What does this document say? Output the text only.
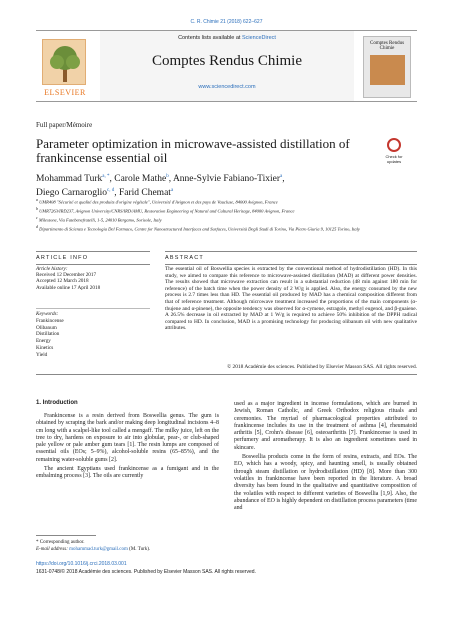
C. R. Chimie 21 (2018) 622–627
ELSEVIER
Contents lists available at ScienceDirect
Comptes Rendus Chimie
www.sciencedirect.com
Comptes Rendus Chimie
Full paper/Mémoire
Parameter optimization in microwave-assisted distillation of frankincense essential oil	Check for updates
Mohammad Turk$^{a, *}$, Carole Mathe$^b$, Anne-Sylvie Fabiano-Tixier$^a$,
Diego Carnaroglio$^{c, d}$, Farid Chemat$^a$
$^a$ UMR408 "Sécurité et qualité des produits d'origine végétale", Université d'Avignon et des pays de Vaucluse, 84000 Avignon, France
$^b$ UMR7263/IRD237, Avignon University/CNRS/IRD/AMU, Restoration Engineering of Natural and Cultural Heritage, 84000 Avignon, France
$^c$ Milestone, Via Fatebenefratelli, 1-5, 24010 Bergamo, Sorisole, Italy
$^d$ Dipartimento di Scienza e Tecnologia Del Farmaco, Centre for Nanostructured Interfaces and Surfaces, Università Degli Studi di Torino, Via Pietro Giuria 9, 10125 Torino, Italy
ARTICLE INFO	ABSTRACT
Article history:
Received 12 December 2017
Accepted 12 March 2018
Available online 17 April 2018
Keywords:
Frankincense
Olibanum
Distillation
Energy
Kinetics
Yield
The essential oil of Boswellia species is extracted by the conventional method of hydrodistillation (HD). In this study, we aimed to compare this reference to microwave-assisted distillation (MAD) at different power densities. The results showed that microwave extraction can result in a substantial reduction (48 min against 180 min for reference) of the batch time when the power density of 2 W/g is applied. Also, the energy consumed by the new process is 2.7 times less than HD. The essential oil produced by MAD has a chemical composition different from that of reference treatment. Although microwave treatment increased the proportions of the main components (α-thujene and α-pinene), the opposite tendency was observed for α-cymene, estragole, methyl eugenol, and β-guaiene. A 26.5% decrease in oil extracted by MAD at 1 W/g is required to achieve 50% inhibition of the DPPH radical compared to HD. In conclusion, MAD is a promising technology for producing olibanum oil with new qualitative attributes.
© 2018 Académie des sciences. Published by Elsevier Masson SAS. All rights reserved.
1. Introduction

Frankincense is a resin derived from Boswellia genus. The gum is obtained by scraping the bark and/or making deep longitudinal incisions 4–8 cm long with a scalpel-like tool called a mengaff. The milky juice, left on the tree to dry, hardens on exposure to air into globular, pear-, or club-shaped pale yellow or pale amber gum tears [1]. The resin lumps are composed of essential oils (EOs; 5–9%), alcohol-soluble resins (65–85%), and the remaining water-soluble gums [2].

The ancient Egyptians used frankincense as a fumigant and in the embalming process [3]. The oils are currently

used as a major ingredient in incense formulations, which are burned in Jewish, Roman Catholic, and Greek Orthodox religious rituals and ceremonies. The myriad of pharmacological properties attributed to frankincense includes its use in the treatment of asthma [4], rheumatoid arthritis [5], Crohn's disease [6], osteoarthritis [7]. Frankincense is used in perfumery and aromatherapy. It is also an ingredient sometimes used in skincare.

Boswellia products come in the form of resins, extracts, and EOs. The EO, which has a woody, spicy, and haunting smell, is usually obtained through steam distillation or hydrodistillation (HD) [8]. More than 300 volatiles in frankincense have been reported in the literature. A broad diversity has been found in the qualitative and quantitative composition of the volatiles with respect to different varieties of Boswellia [1,9]. Also, the abundance of EO is highly dependent on distillation process parameters (time and

* Corresponding author.
E-mail address: mohammad.turk@gmail.com (M. Turk).
https://doi.org/10.1016/j.crci.2018.03.001
1631-0748/© 2018 Académie des sciences. Published by Elsevier Masson SAS. All rights reserved.
